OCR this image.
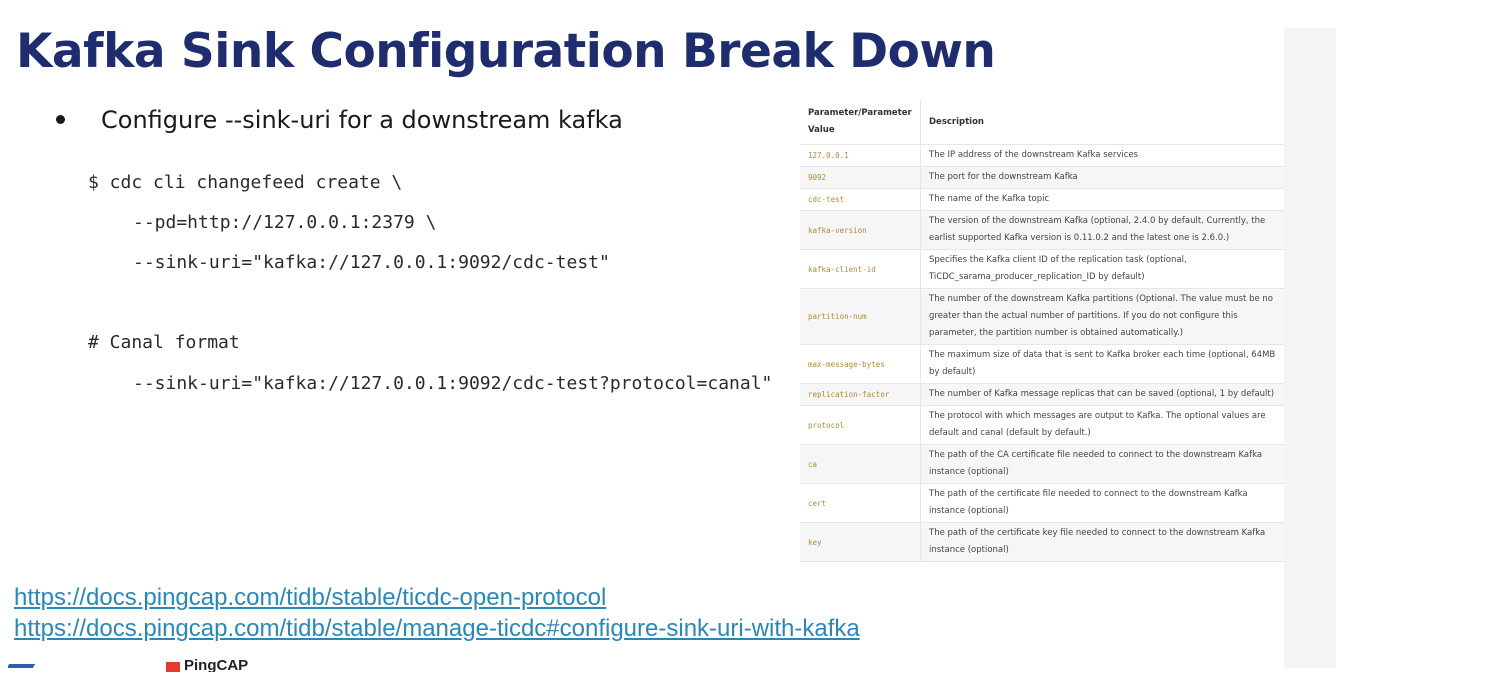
Kafka Sink Configuration Break Down
Configure --sink-uri for a downstream kafka
$ cdc cli changefeed create \
--pd=http://127.0.0.1:2379 \
--sink-uri="kafka://127.0.0.1:9092/cdc-test"
# Canal format
--sink-uri="kafka://127.0.0.1:9092/cdc-test?protocol=canal"
Parameter/Parameter Value	Description
127.0.0.1	The IP address of the downstream Kafka services
9092	The port for the downstream Kafka
cdc-test	The name of the Kafka topic
kafka-version	The version of the downstream Kafka (optional, 2.4.0 by default. Currently, the earlist supported Kafka version is 0.11.0.2 and the latest one is 2.6.0.)
kafka-client-id	Specifies the Kafka client ID of the replication task (optional, TiCDC_sarama_producer_replication_ID by default)
partition-num	The number of the downstream Kafka partitions (Optional. The value must be no greater than the actual number of partitions. If you do not configure this parameter, the partition number is obtained automatically.)
max-message-bytes	The maximum size of data that is sent to Kafka broker each time (optional, 64MB by default)
replication-factor	The number of Kafka message replicas that can be saved (optional, 1 by default)
protocol	The protocol with which messages are output to Kafka. The optional values are default and canal (default by default.)
ca	The path of the CA certificate file needed to connect to the downstream Kafka instance (optional)
cert	The path of the certificate file needed to connect to the downstream Kafka instance (optional)
key	The path of the certificate key file needed to connect to the downstream Kafka instance (optional)
https://docs.pingcap.com/tidb/stable/ticdc-open-protocol
https://docs.pingcap.com/tidb/stable/manage-ticdc#configure-sink-uri-with-kafka
PingCAP
